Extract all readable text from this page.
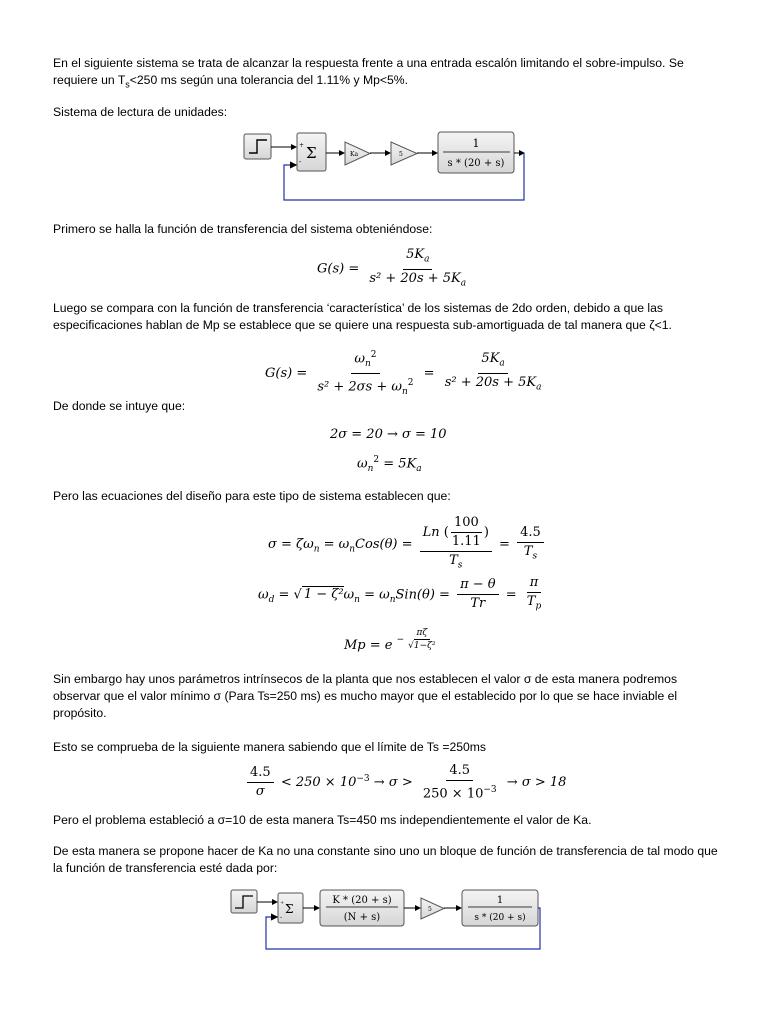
En el siguiente sistema se trata de alcanzar la respuesta frente a una entrada escalón limitando el sobre-impulso. Se
requiere un $T_s<250$ ms según una tolerancia del 1.11% y Mp<5%.
Sistema de lectura de unidades:
Σ
+
-
Ka	5
1
s * (20 + s)
Primero se halla la función de transferencia del sistema obteniéndose:
$G(s) = \frac{5K_a}{s^2 + 20s + 5K_a}$
Luego se compara con la función de transferencia ‘característica’ de los sistemas de 2do orden, debido a que las especificaciones hablan de Mp se establece que se quiere una respuesta sub-amortiguada de tal manera que ζ<1.
$G(s) = \frac{\omega_n^2}{s^2 + 2\sigma s + \omega_n^2} = \frac{5K_a}{s^2 + 20s + 5K_a}$
De donde se intuye que:
2σ = 20 → σ = 10
$\omega_n^2 = 5K_a$
Pero las ecuaciones del diseño para este tipo de sistema establecen que:
$\sigma = \zeta\omega_n = \omega_nCos(\theta) = \frac{Ln ( \frac{100}{1.11} )}{T_s} = \frac{4.5}{T_s}$
$\omega_d$ = √ $1 - \zeta^2\omega_n = \omega_nSin(\theta) = \frac{\pi - \theta}{Tr} = \frac{\pi}{T_p}$
$Mp = e - \frac{\pi\zeta}{\text{√1−ζ²}}$
Sin embargo hay unos parámetros intrínsecos de la planta que nos establecen el valor σ de esta manera podremos observar que el valor mínimo σ (Para Ts=250 ms) es mucho mayor que el establecido por lo que se hace inviable el propósito.
Esto se comprueba de la siguiente manera sabiendo que el límite de Ts =250ms
$\frac{4.5}{\sigma} < 250 \times 10^{-3} \to \sigma > \frac{4.5}{250 \times 10^{-3}} \to \sigma > 18$
Pero el problema estableció a σ=10 de esta manera Ts=450 ms independientemente el valor de Ka.
De esta manera se propone hacer de Ka no una constante sino uno un bloque de función de transferencia de tal modo que la función de transferencia esté dada por:
Σ
+
-
K * (20 + s)
(N + s)
5
1
s * (20 + s)
